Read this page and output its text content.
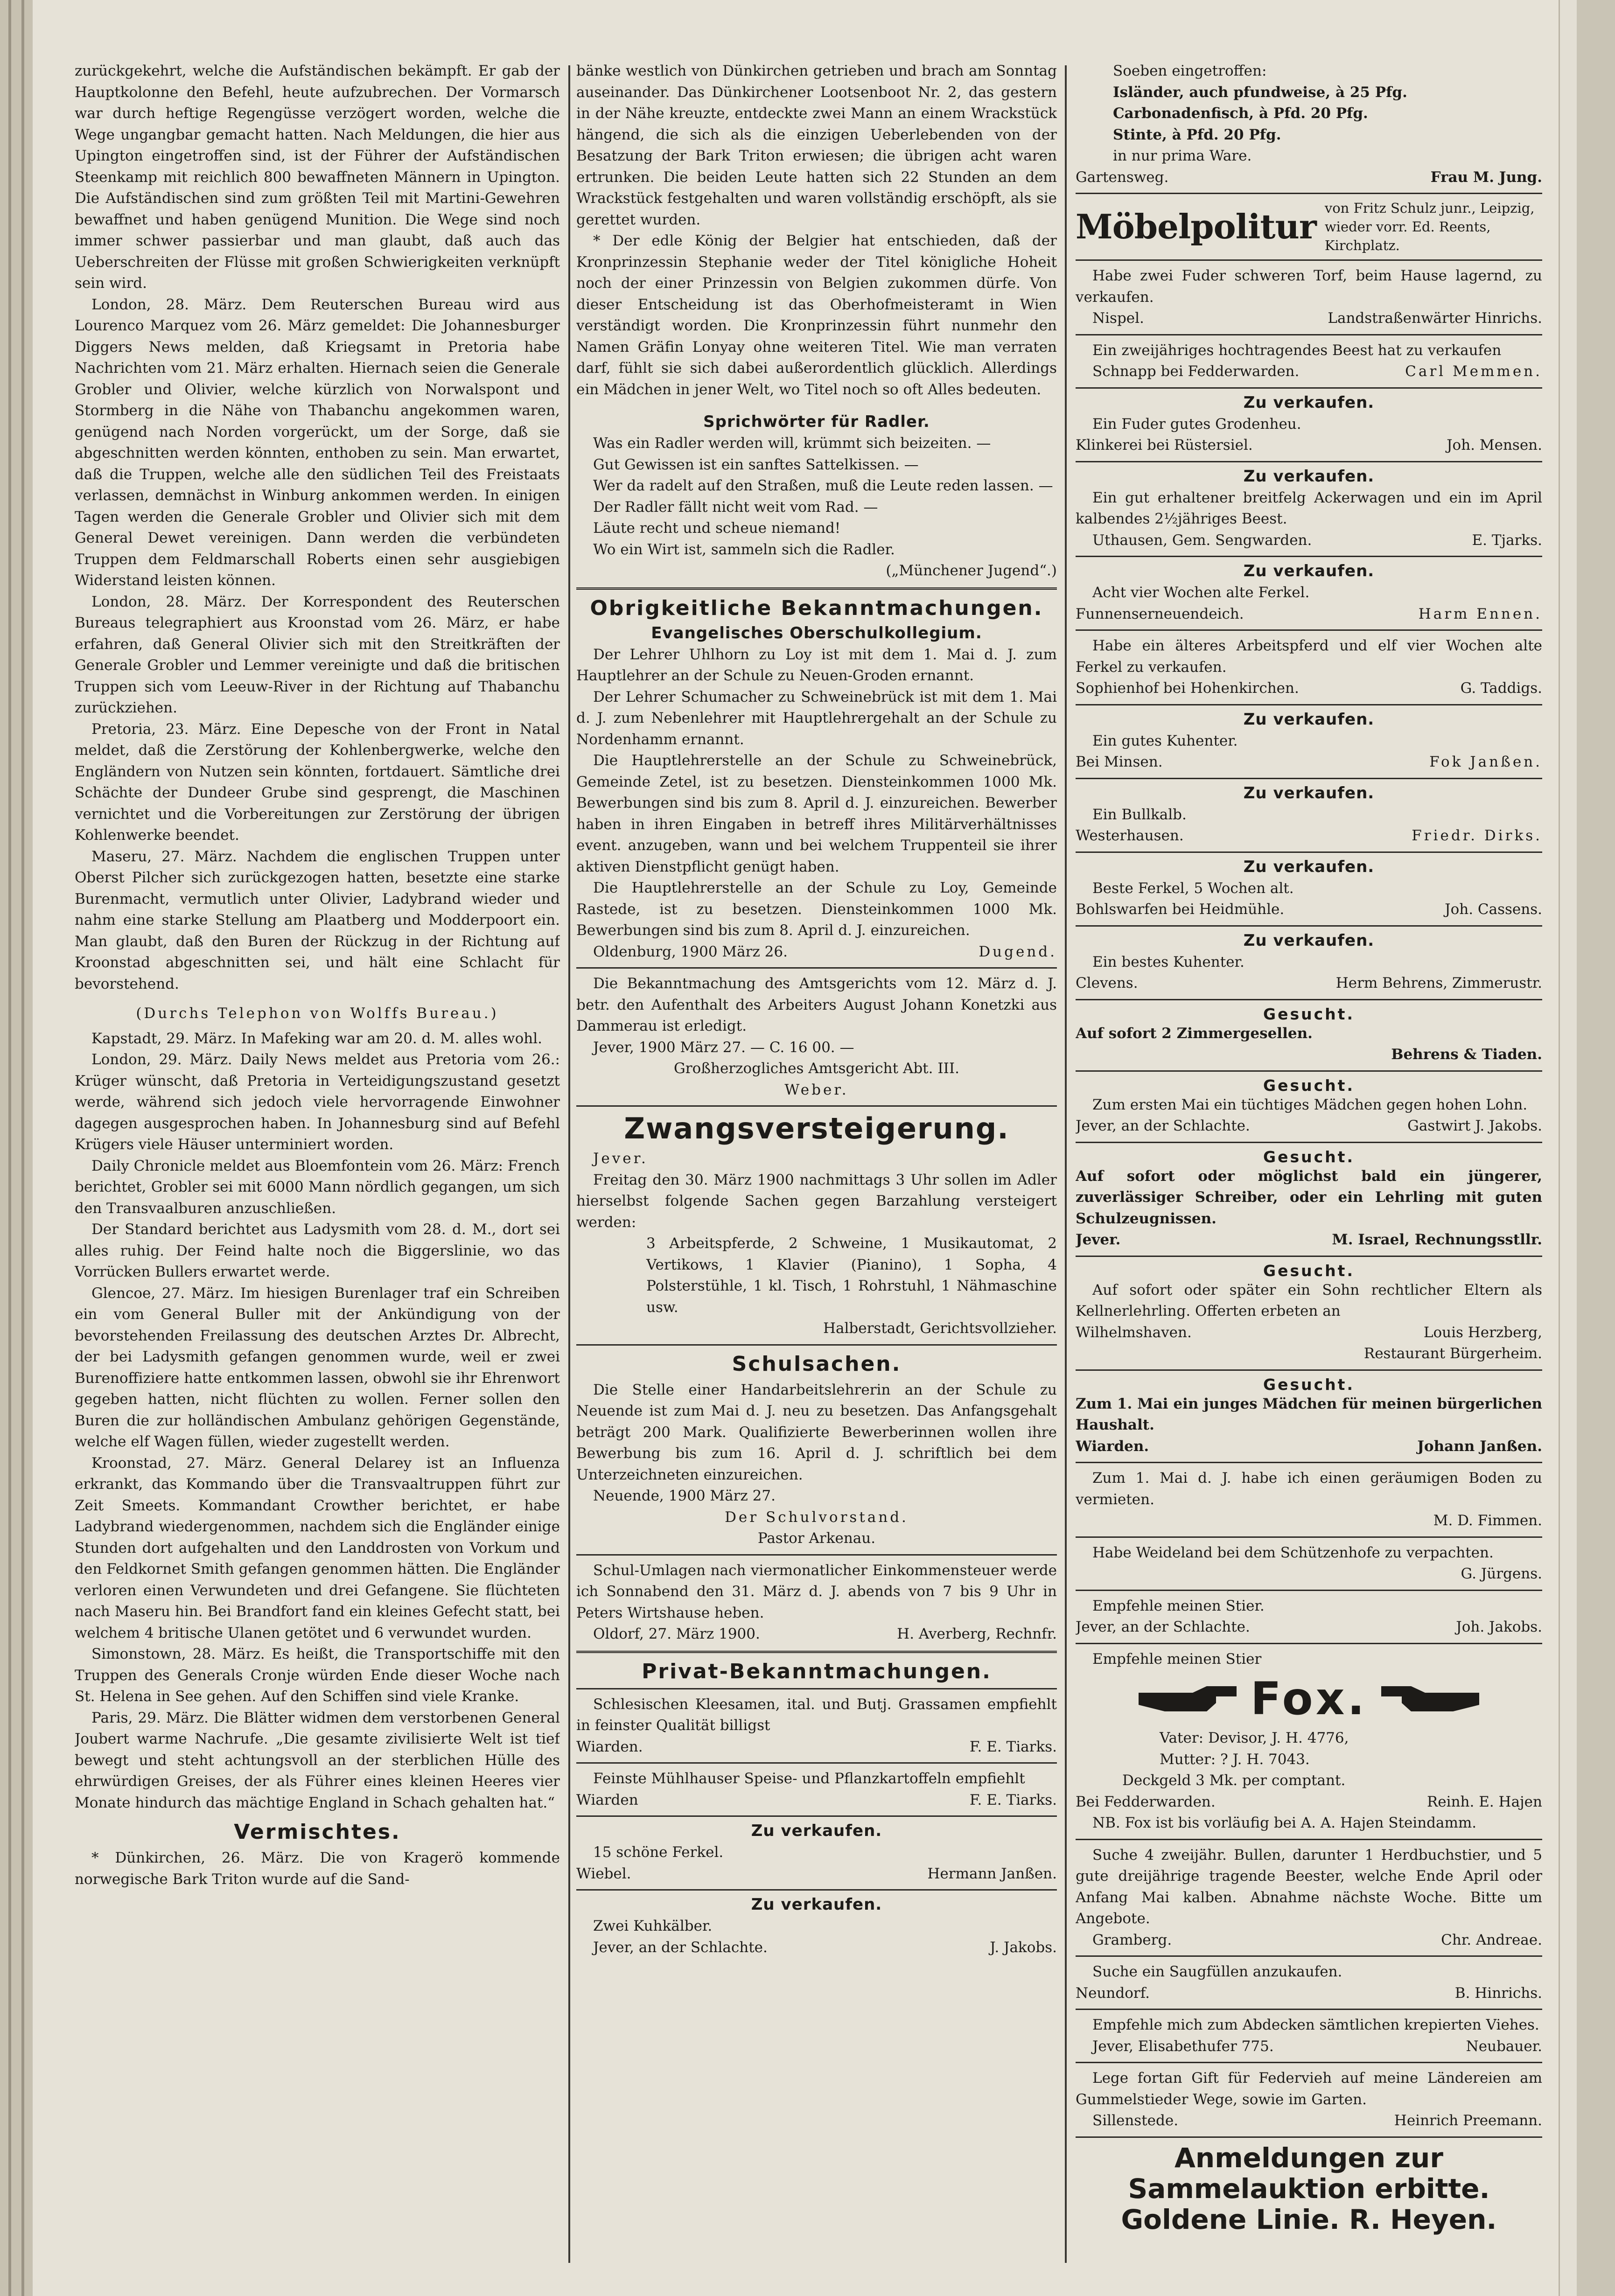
zurückgekehrt, welche die Aufständischen bekämpft. Er gab der Hauptkolonne den Befehl, heute aufzubrechen. Der Vormarsch war durch heftige Regengüsse verzögert worden, welche die Wege ungangbar gemacht hatten. Nach Meldungen, die hier aus Upington eingetroffen sind, ist der Führer der Aufständischen Steenkamp mit reichlich 800 bewaffneten Männern in Upington. Die Aufständischen sind zum größten Teil mit Martini-Gewehren bewaffnet und haben genügend Munition. Die Wege sind noch immer schwer passierbar und man glaubt, daß auch das Ueberschreiten der Flüsse mit großen Schwierigkeiten verknüpft sein wird.

London, 28. März. Dem Reuterschen Bureau wird aus Lourenco Marquez vom 26. März gemeldet: Die Johannesburger Diggers News melden, daß Kriegsamt in Pretoria habe Nachrichten vom 21. März erhalten. Hiernach seien die Generale Grobler und Olivier, welche kürzlich von Norwalspont und Stormberg in die Nähe von Thabanchu angekommen waren, genügend nach Norden vorgerückt, um der Sorge, daß sie abgeschnitten werden könnten, enthoben zu sein. Man erwartet, daß die Truppen, welche alle den südlichen Teil des Freistaats verlassen, demnächst in Winburg ankommen werden. In einigen Tagen werden die Generale Grobler und Olivier sich mit dem General Dewet vereinigen. Dann werden die verbündeten Truppen dem Feldmarschall Roberts einen sehr ausgiebigen Widerstand leisten können.

London, 28. März. Der Korrespondent des Reuterschen Bureaus telegraphiert aus Kroonstad vom 26. März, er habe erfahren, daß General Olivier sich mit den Streitkräften der Generale Grobler und Lemmer vereinigte und daß die britischen Truppen sich vom Leeuw-River in der Richtung auf Thabanchu zurückziehen.

Pretoria, 23. März. Eine Depesche von der Front in Natal meldet, daß die Zerstörung der Kohlenbergwerke, welche den Engländern von Nutzen sein könnten, fortdauert. Sämtliche drei Schächte der Dundeer Grube sind gesprengt, die Maschinen vernichtet und die Vorbereitungen zur Zerstörung der übrigen Kohlenwerke beendet.

Maseru, 27. März. Nachdem die englischen Truppen unter Oberst Pilcher sich zurückgezogen hatten, besetzte eine starke Burenmacht, vermutlich unter Olivier, Ladybrand wieder und nahm eine starke Stellung am Plaatberg und Modderpoort ein. Man glaubt, daß den Buren der Rückzug in der Richtung auf Kroonstad abgeschnitten sei, und hält eine Schlacht für bevorstehend.

(Durchs Telephon von Wolffs Bureau.)

Kapstadt, 29. März. In Mafeking war am 20. d. M. alles wohl.

London, 29. März. Daily News meldet aus Pretoria vom 26.: Krüger wünscht, daß Pretoria in Verteidigungszustand gesetzt werde, während sich jedoch viele hervorragende Einwohner dagegen ausgesprochen haben. In Johannesburg sind auf Befehl Krügers viele Häuser unterminiert worden.

Daily Chronicle meldet aus Bloemfontein vom 26. März: French berichtet, Grobler sei mit 6000 Mann nördlich gegangen, um sich den Transvaalburen anzuschließen.

Der Standard berichtet aus Ladysmith vom 28. d. M., dort sei alles ruhig. Der Feind halte noch die Biggerslinie, wo das Vorrücken Bullers erwartet werde.

Glencoe, 27. März. Im hiesigen Burenlager traf ein Schreiben ein vom General Buller mit der Ankündigung von der bevorstehenden Freilassung des deutschen Arztes Dr. Albrecht, der bei Ladysmith gefangen genommen wurde, weil er zwei Burenoffiziere hatte entkommen lassen, obwohl sie ihr Ehrenwort gegeben hatten, nicht flüchten zu wollen. Ferner sollen den Buren die zur holländischen Ambulanz gehörigen Gegenstände, welche elf Wagen füllen, wieder zugestellt werden.

Kroonstad, 27. März. General Delarey ist an Influenza erkrankt, das Kommando über die Transvaaltruppen führt zur Zeit Smeets. Kommandant Crowther berichtet, er habe Ladybrand wiedergenommen, nachdem sich die Engländer einige Stunden dort aufgehalten und den Landdrosten von Vorkum und den Feldkornet Smith gefangen genommen hätten. Die Engländer verloren einen Verwundeten und drei Gefangene. Sie flüchteten nach Maseru hin. Bei Brandfort fand ein kleines Gefecht statt, bei welchem 4 britische Ulanen getötet und 6 verwundet wurden.

Simonstown, 28. März. Es heißt, die Transportschiffe mit den Truppen des Generals Cronje würden Ende dieser Woche nach St. Helena in See gehen. Auf den Schiffen sind viele Kranke.

Paris, 29. März. Die Blätter widmen dem verstorbenen General Joubert warme Nachrufe. „Die gesamte zivilisierte Welt ist tief bewegt und steht achtungsvoll an der sterblichen Hülle des ehrwürdigen Greises, der als Führer eines kleinen Heeres vier Monate hindurch das mächtige England in Schach gehalten hat.“

Vermischtes.

* Dünkirchen, 26. März. Die von Kragerö kommende norwegische Bark Triton wurde auf die Sand-

bänke westlich von Dünkirchen getrieben und brach am Sonntag auseinander. Das Dünkirchener Lootsenboot Nr. 2, das gestern in der Nähe kreuzte, entdeckte zwei Mann an einem Wrackstück hängend, die sich als die einzigen Ueberlebenden von der Besatzung der Bark Triton erwiesen; die übrigen acht waren ertrunken. Die beiden Leute hatten sich 22 Stunden an dem Wrackstück festgehalten und waren vollständig erschöpft, als sie gerettet wurden.

* Der edle König der Belgier hat entschieden, daß der Kronprinzessin Stephanie weder der Titel königliche Hoheit noch der einer Prinzessin von Belgien zukommen dürfe. Von dieser Entscheidung ist das Oberhofmeisteramt in Wien verständigt worden. Die Kronprinzessin führt nunmehr den Namen Gräfin Lonyay ohne weiteren Titel. Wie man verraten darf, fühlt sie sich dabei außerordentlich glücklich. Allerdings ein Mädchen in jener Welt, wo Titel noch so oft Alles bedeuten.

Sprichwörter für Radler.

Was ein Radler werden will, krümmt sich beizeiten. —

Gut Gewissen ist ein sanftes Sattelkissen. —

Wer da radelt auf den Straßen, muß die Leute reden lassen. —

Der Radler fällt nicht weit vom Rad. —

Läute recht und scheue niemand!

Wo ein Wirt ist, sammeln sich die Radler.

(„Münchener Jugend“.)

Obrigkeitliche Bekanntmachungen.
Evangelisches Oberschulkollegium.

Der Lehrer Uhlhorn zu Loy ist mit dem 1. Mai d. J. zum Hauptlehrer an der Schule zu Neuen-Groden ernannt.

Der Lehrer Schumacher zu Schweinebrück ist mit dem 1. Mai d. J. zum Nebenlehrer mit Hauptlehrergehalt an der Schule zu Nordenhamm ernannt.

Die Hauptlehrerstelle an der Schule zu Schweinebrück, Gemeinde Zetel, ist zu besetzen. Diensteinkommen 1000 Mk. Bewerbungen sind bis zum 8. April d. J. einzureichen. Bewerber haben in ihren Eingaben in betreff ihres Militärverhältnisses event. anzugeben, wann und bei welchem Truppenteil sie ihrer aktiven Dienstpflicht genügt haben.

Die Hauptlehrerstelle an der Schule zu Loy, Gemeinde Rastede, ist zu besetzen. Diensteinkommen 1000 Mk. Bewerbungen sind bis zum 8. April d. J. einzureichen.

Oldenburg, 1900 März 26.	Dugend.

Die Bekanntmachung des Amtsgerichts vom 12. März d. J. betr. den Aufenthalt des Arbeiters August Johann Konetzki aus Dammerau ist erledigt.

Jever, 1900 März 27. — C. 16 00. —

Großherzogliches Amtsgericht Abt. III.

Weber.

Zwangsversteigerung.

Jever.

Freitag den 30. März 1900 nachmittags 3 Uhr sollen im Adler hierselbst folgende Sachen gegen Barzahlung versteigert werden:

3 Arbeitspferde, 2 Schweine, 1 Musikautomat, 2 Vertikows, 1 Klavier (Pianino), 1 Sopha, 4 Polsterstühle, 1 kl. Tisch, 1 Rohrstuhl, 1 Nähmaschine usw.

Halberstadt, Gerichtsvollzieher.

Schulsachen.

Die Stelle einer Handarbeitslehrerin an der Schule zu Neuende ist zum Mai d. J. neu zu besetzen. Das Anfangsgehalt beträgt 200 Mark. Qualifizierte Bewerberinnen wollen ihre Bewerbung bis zum 16. April d. J. schriftlich bei dem Unterzeichneten einzureichen.

Neuende, 1900 März 27.

Der Schulvorstand.

Pastor Arkenau.

Schul-Umlagen nach viermonatlicher Einkommensteuer werde ich Sonnabend den 31. März d. J. abends von 7 bis 9 Uhr in Peters Wirtshause heben.

Oldorf, 27. März 1900.	H. Averberg, Rechnfr.
Privat-Bekanntmachungen.

Schlesischen Kleesamen, ital. und Butj. Grassamen empfiehlt in feinster Qualität billigst

Wiarden.	F. E. Tiarks.

Feinste Mühlhauser Speise- und Pflanzkartoffeln empfiehlt

Wiarden	F. E. Tiarks.
Zu verkaufen.

15 schöne Ferkel.

Wiebel.	Hermann Janßen.
Zu verkaufen.

Zwei Kuhkälber.

Jever, an der Schlachte.	J. Jakobs.

Soeben eingetroffen:

Isländer, auch pfundweise, à 25 Pfg.

Carbonadenfisch, à Pfd. 20 Pfg.

Stinte, à Pfd. 20 Pfg.

in nur prima Ware.

Gartensweg.	Frau M. Jung.
Möbelpolitur von Fritz Schulz junr., Leipzig, wieder vorr. Ed. Reents, Kirchplatz.

Habe zwei Fuder schweren Torf, beim Hause lagernd, zu verkaufen.

Nispel.	Landstraßenwärter Hinrichs.

Ein zweijähriges hochtragendes Beest hat zu verkaufen

Schnapp bei Fedderwarden.	Carl Memmen.
Zu verkaufen.

Ein Fuder gutes Grodenheu.

Klinkerei bei Rüstersiel.	Joh. Mensen.
Zu verkaufen.

Ein gut erhaltener breitfelg Ackerwagen und ein im April kalbendes 2½jähriges Beest.

Uthausen, Gem. Sengwarden.	E. Tjarks.
Zu verkaufen.

Acht vier Wochen alte Ferkel.

Funnenserneuendeich.	Harm Ennen.

Habe ein älteres Arbeitspferd und elf vier Wochen alte Ferkel zu verkaufen.

Sophienhof bei Hohenkirchen.	G. Taddigs.
Zu verkaufen.

Ein gutes Kuhenter.

Bei Minsen.	Fok Janßen.
Zu verkaufen.

Ein Bullkalb.

Westerhausen.	Friedr. Dirks.
Zu verkaufen.

Beste Ferkel, 5 Wochen alt.

Bohlswarfen bei Heidmühle.	Joh. Cassens.
Zu verkaufen.

Ein bestes Kuhenter.

Clevens.	Herm Behrens, Zimmerustr.
Gesucht.

Auf sofort 2 Zimmergesellen.

Behrens & Tiaden.

Gesucht.

Zum ersten Mai ein tüchtiges Mädchen gegen hohen Lohn.

Jever, an der Schlachte.	Gastwirt J. Jakobs.
Gesucht.

Auf sofort oder möglichst bald ein jüngerer, zuverlässiger Schreiber, oder ein Lehrling mit guten Schulzeugnissen.

Jever.	M. Israel, Rechnungsstllr.
Gesucht.

Auf sofort oder später ein Sohn rechtlicher Eltern als Kellnerlehrling. Offerten erbeten an

Wilhelmshaven.	Louis Herzberg,

Restaurant Bürgerheim.

Gesucht.

Zum 1. Mai ein junges Mädchen für meinen bürgerlichen Haushalt.

Wiarden.	Johann Janßen.

Zum 1. Mai d. J. habe ich einen geräumigen Boden zu vermieten.

M. D. Fimmen.

Habe Weideland bei dem Schützenhofe zu verpachten.

G. Jürgens.

Empfehle meinen Stier.

Jever, an der Schlachte.	Joh. Jakobs.

Empfehle meinen Stier

Fox.

Vater: Devisor, J. H. 4776,

Mutter: ? J. H. 7043.

Deckgeld 3 Mk. per comptant.

Bei Fedderwarden.	Reinh. E. Hajen

NB. Fox ist bis vorläufig bei A. A. Hajen Steindamm.

Suche 4 zweijähr. Bullen, darunter 1 Herdbuchstier, und 5 gute dreijährige tragende Beester, welche Ende April oder Anfang Mai kalben. Abnahme nächste Woche. Bitte um Angebote.

Gramberg.	Chr. Andreae.

Suche ein Saugfüllen anzukaufen.

Neundorf.	B. Hinrichs.

Empfehle mich zum Abdecken sämtlichen krepierten Viehes.

Jever, Elisabethufer 775.	Neubauer.

Lege fortan Gift für Federvieh auf meine Ländereien am Gummelstieder Wege, sowie im Garten.

Sillenstede.	Heinrich Preemann.
Anmeldungen zur
Sammelauktion erbitte.
Goldene Linie. R. Heyen.
